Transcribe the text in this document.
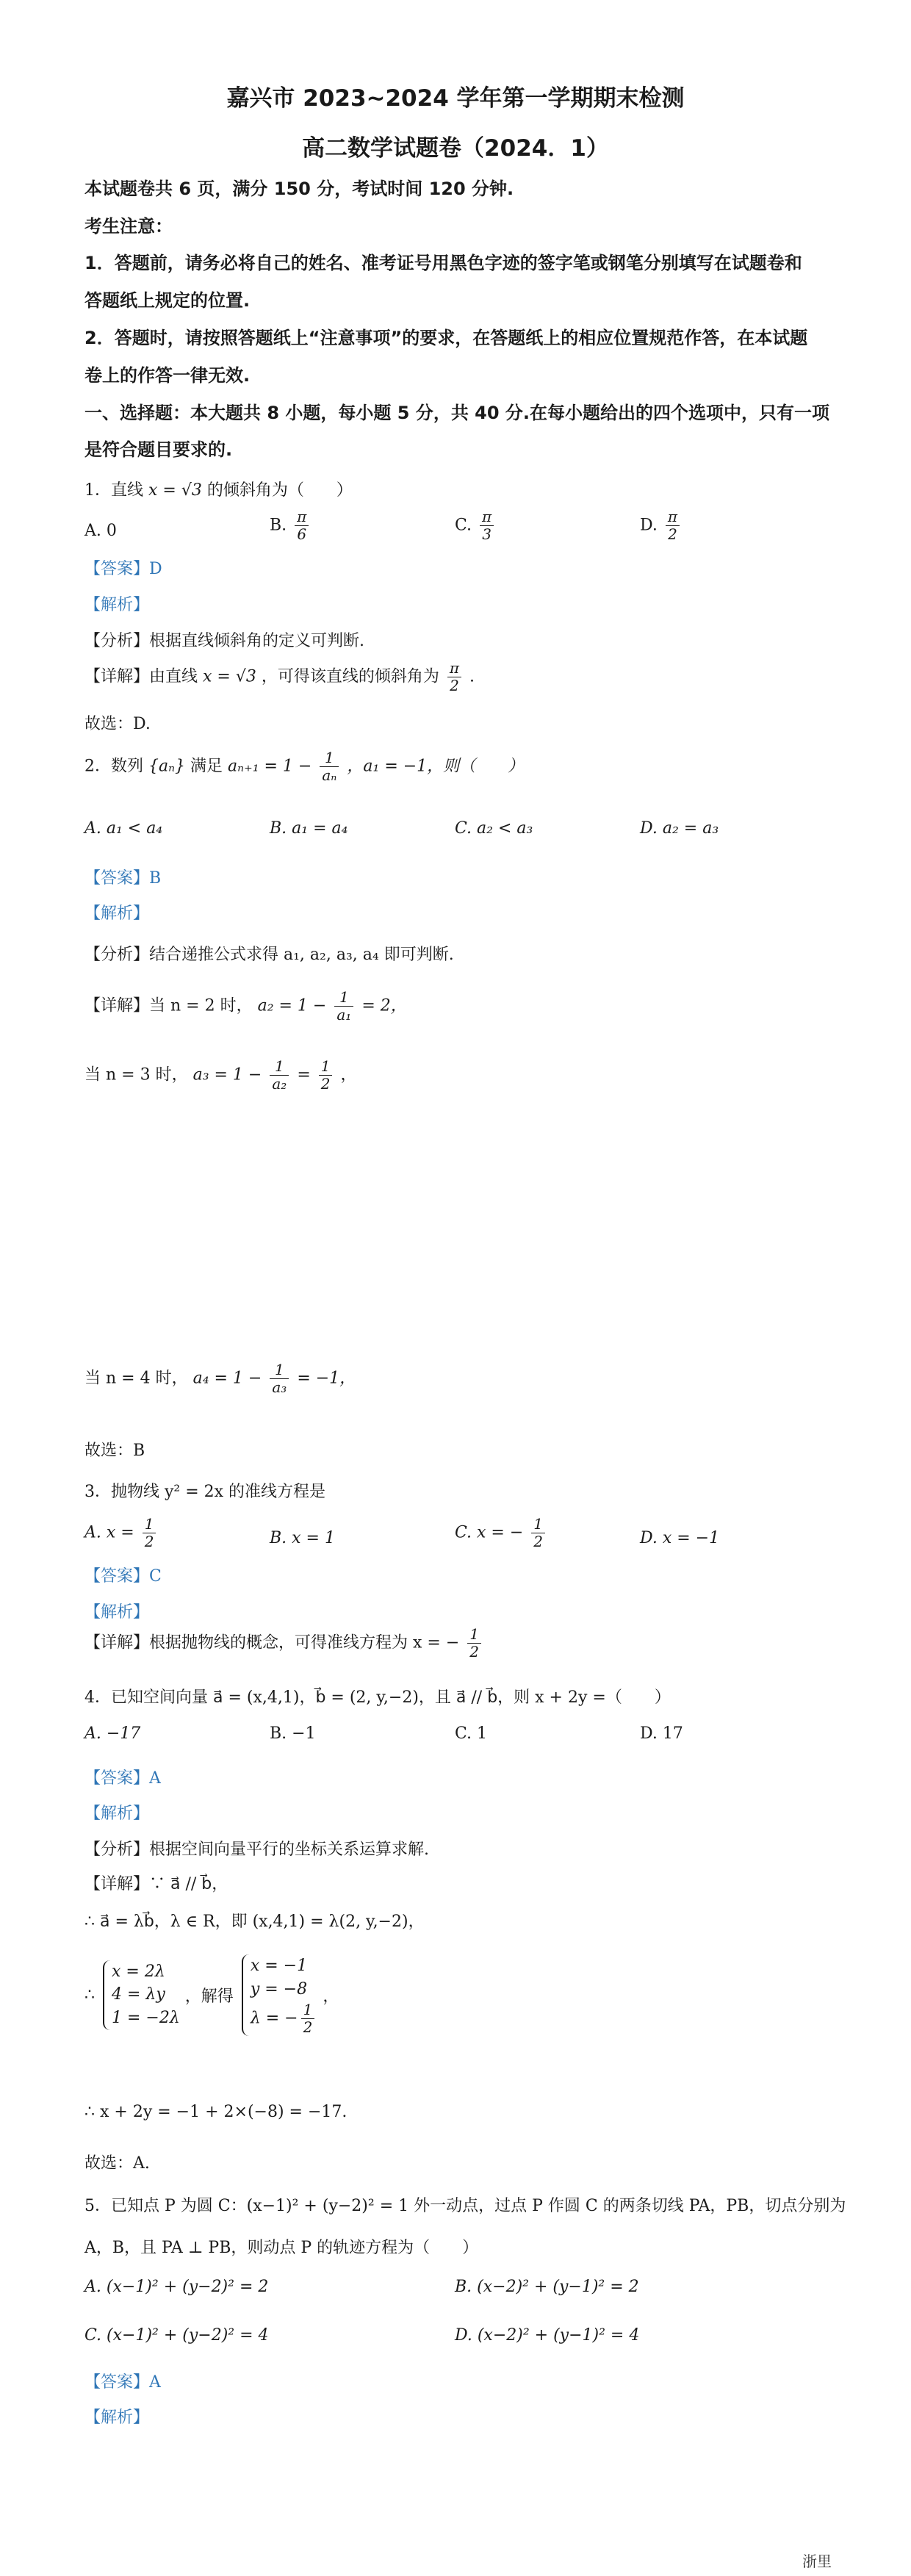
嘉兴市 2023~2024 学年第一学期期末检测
高二数学试题卷（2024．1）
本试题卷共 6 页，满分 150 分，考试时间 120 分钟.
考生注意：
1．答题前，请务必将自己的姓名、准考证号用黑色字迹的签字笔或钢笔分别填写在试题卷和
答题纸上规定的位置.
2．答题时，请按照答题纸上“注意事项”的要求，在答题纸上的相应位置规范作答，在本试题
卷上的作答一律无效.
一、选择题：本大题共 8 小题，每小题 5 分，共 40 分.在每小题给出的四个选项中，只有一项
是符合题目要求的.
1．直线 x = √3 的倾斜角为（　　）
A. 0	B. $\frac{\pi}{6}$	C. $\frac{\pi}{3}$	D. $\frac{\pi}{2}$
【答案】D
【解析】
【分析】根据直线倾斜角的定义可判断.
【详解】由直线 x = √3 ，可得该直线的倾斜角为 $\frac{\pi}{2}$ .
故选：D.
2．数列 {aₙ} 满足 $a_{n+1} = 1 - \frac{1}{\text{aₙ}}$ ，a₁ = −1，则（　　）
A. a₁ < a₄	B. a₁ = a₄	C. a₂ < a₃	D. a₂ = a₃
【答案】B
【解析】
【分析】结合递推公式求得 a₁, a₂, a₃, a₄ 即可判断.
【详解】当 n = 2 时， $a_2 = 1 - \frac{1}{\text{a₁}} = 2$，
当 n = 3 时， $a_3 = 1 - \frac{1}{\text{a₂}} = \frac{1}{2}$ ，
当 n = 4 时， $a_4 = 1 - \frac{1}{\text{a₃}} = -1$，
故选：B
3．抛物线 y² = 2x 的准线方程是
A. $x = \frac{1}{2}$	B. x = 1	C. x = − $\frac{1}{2}$	D. x = −1
【答案】C
【解析】
【详解】根据抛物线的概念，可得准线方程为 x = − $\frac{1}{2}$
4．已知空间向量 a⃗ = (x,4,1)，b⃗ = (2, y,−2)，且 a⃗ // b⃗，则 x + 2y =（　　）
A. −17	B. −1	C. 1	D. 17
【答案】A
【解析】
【分析】根据空间向量平行的坐标关系运算求解.
【详解】∵ a⃗ // b⃗，
∴ a⃗ = λb⃗，λ ∈ R，即 (x,4,1) = λ(2, y,−2)，
∴
x = 2λ
4 = λy
1 = −2λ
，解得
x = −1
y = −8
λ = − $\frac{1}{2}$
，
∴ x + 2y = −1 + 2×(−8) = −17.
故选：A.
5．已知点 P 为圆 C：(x−1)² + (y−2)² = 1 外一动点，过点 P 作圆 C 的两条切线 PA，PB，切点分别为
A，B，且 PA ⊥ PB，则动点 P 的轨迹方程为（　　）
A. (x−1)² + (y−2)² = 2	B. (x−2)² + (y−1)² = 2
C. (x−1)² + (y−2)² = 4	D. (x−2)² + (y−1)² = 4
【答案】A
【解析】
浙里
